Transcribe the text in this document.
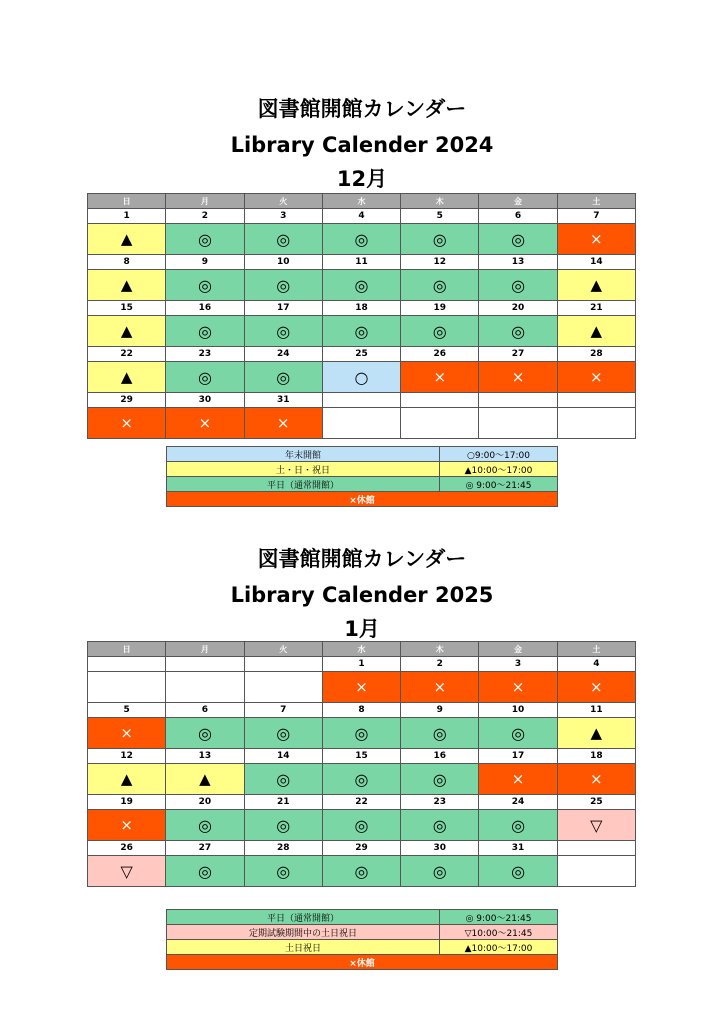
図書館開館カレンダー
Library Calender 2024
12月
日	月	火	水	木	金	土
1	2	3	4	5	6	7
▲	◎	◎	◎	◎	◎	×
8	9	10	11	12	13	14
▲	◎	◎	◎	◎	◎	▲
15	16	17	18	19	20	21
▲	◎	◎	◎	◎	◎	▲
22	23	24	25	26	27	28
▲	◎	◎	○	×	×	×
29	30	31				
×	×	×				
年末開館	○9:00～17:00
土・日・祝日	▲10:00～17:00
平日（通常開館）	◎ 9:00～21:45
×休館	
図書館開館カレンダー
Library Calender 2025
1月
日	月	火	水	木	金	土
			1	2	3	4
			×	×	×	×
5	6	7	8	9	10	11
×	◎	◎	◎	◎	◎	▲
12	13	14	15	16	17	18
▲	▲	◎	◎	◎	×	×
19	20	21	22	23	24	25
×	◎	◎	◎	◎	◎	▽
26	27	28	29	30	31	
▽	◎	◎	◎	◎	◎	
平日（通常開館）	◎ 9:00～21:45
定期試験期間中の土日祝日	▽10:00～21:45
土日祝日	▲10:00～17:00
×休館	
